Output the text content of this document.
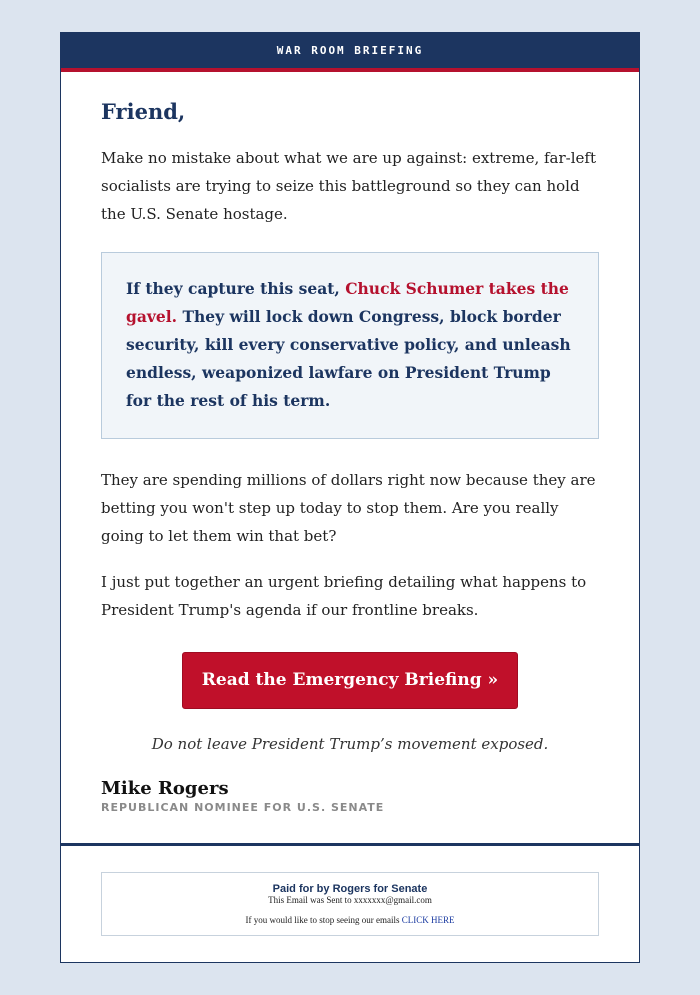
WAR ROOM BRIEFING
Friend,

Make no mistake about what we are up against: extreme, far-left socialists are trying to seize this battleground so they can hold the U.S. Senate hostage.

If they capture this seat, Chuck Schumer takes the gavel. They will lock down Congress, block border security, kill every conservative policy, and unleash endless, weaponized lawfare on President Trump for the rest of his term.

They are spending millions of dollars right now because they are betting you won't step up today to stop them. Are you really going to let them win that bet?

I just put together an urgent briefing detailing what happens to President Trump's agenda if our frontline breaks.

Read the Emergency Briefing »

Do not leave President Trump’s movement exposed.

Mike Rogers

REPUBLICAN NOMINEE FOR U.S. SENATE

Paid for by Rogers for Senate

This Email was Sent to xxxxxxx@gmail.com

If you would like to stop seeing our emails CLICK HERE
